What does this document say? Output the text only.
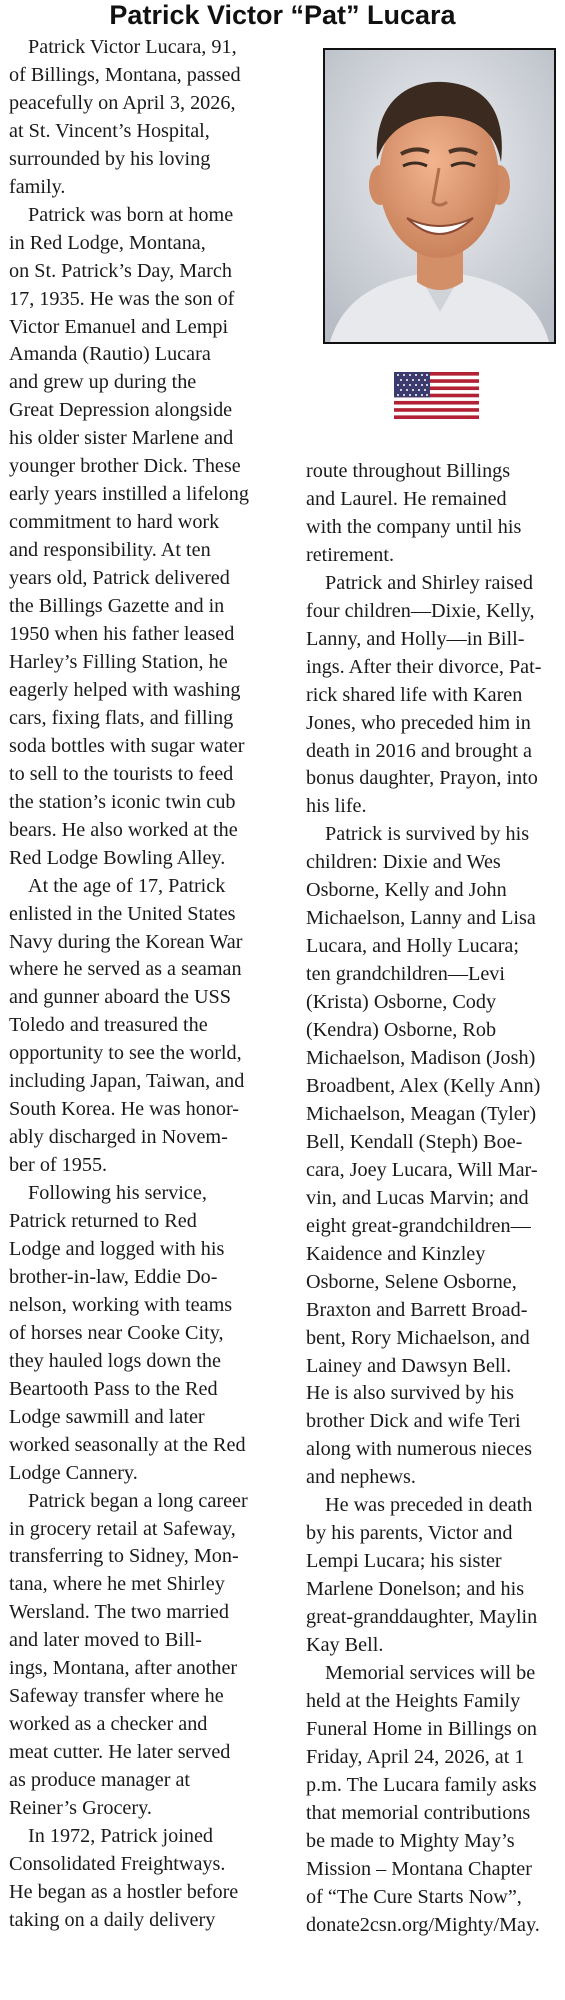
Patrick Victor “Pat” Lucara

Patrick Victor Lucara, 91,
of Billings, Montana, passed
peacefully on April 3, 2026,
at St. Vincent’s Hospital,
surrounded by his loving
family.

Patrick was born at home
in Red Lodge, Montana,
on St. Patrick’s Day, March
17, 1935. He was the son of
Victor Emanuel and Lempi
Amanda (Rautio) Lucara
and grew up during the
Great Depression alongside
his older sister Marlene and
younger brother Dick. These
early years instilled a lifelong
commitment to hard work
and responsibility. At ten
years old, Patrick delivered
the Billings Gazette and in
1950 when his father leased
Harley’s Filling Station, he
eagerly helped with washing
cars, fixing flats, and filling
soda bottles with sugar water
to sell to the tourists to feed
the station’s iconic twin cub
bears. He also worked at the
Red Lodge Bowling Alley.

At the age of 17, Patrick
enlisted in the United States
Navy during the Korean War
where he served as a seaman
and gunner aboard the USS
Toledo and treasured the
opportunity to see the world,
including Japan, Taiwan, and
South Korea. He was honor-
ably discharged in Novem-
ber of 1955.

Following his service,
Patrick returned to Red
Lodge and logged with his
brother-in-law, Eddie Do-
nelson, working with teams
of horses near Cooke City,
they hauled logs down the
Beartooth Pass to the Red
Lodge sawmill and later
worked seasonally at the Red
Lodge Cannery.

Patrick began a long career
in grocery retail at Safeway,
transferring to Sidney, Mon-
tana, where he met Shirley
Wersland. The two married
and later moved to Bill-
ings, Montana, after another
Safeway transfer where he
worked as a checker and
meat cutter. He later served
as produce manager at
Reiner’s Grocery.

In 1972, Patrick joined
Consolidated Freightways.
He began as a hostler before
taking on a daily delivery

route throughout Billings
and Laurel. He remained
with the company until his
retirement.

Patrick and Shirley raised
four children—Dixie, Kelly,
Lanny, and Holly—in Bill-
ings. After their divorce, Pat-
rick shared life with Karen
Jones, who preceded him in
death in 2016 and brought a
bonus daughter, Prayon, into
his life.

Patrick is survived by his
children: Dixie and Wes
Osborne, Kelly and John
Michaelson, Lanny and Lisa
Lucara, and Holly Lucara;
ten grandchildren—Levi
(Krista) Osborne, Cody
(Kendra) Osborne, Rob
Michaelson, Madison (Josh)
Broadbent, Alex (Kelly Ann)
Michaelson, Meagan (Tyler)
Bell, Kendall (Steph) Boe-
cara, Joey Lucara, Will Mar-
vin, and Lucas Marvin; and
eight great-grandchildren—
Kaidence and Kinzley
Osborne, Selene Osborne,
Braxton and Barrett Broad-
bent, Rory Michaelson, and
Lainey and Dawsyn Bell.
He is also survived by his
brother Dick and wife Teri
along with numerous nieces
and nephews.

He was preceded in death
by his parents, Victor and
Lempi Lucara; his sister
Marlene Donelson; and his
great-granddaughter, Maylin
Kay Bell.

Memorial services will be
held at the Heights Family
Funeral Home in Billings on
Friday, April 24, 2026, at 1
p.m. The Lucara family asks
that memorial contributions
be made to Mighty May’s
Mission – Montana Chapter
of “The Cure Starts Now”,
donate2csn.org/Mighty/May.
